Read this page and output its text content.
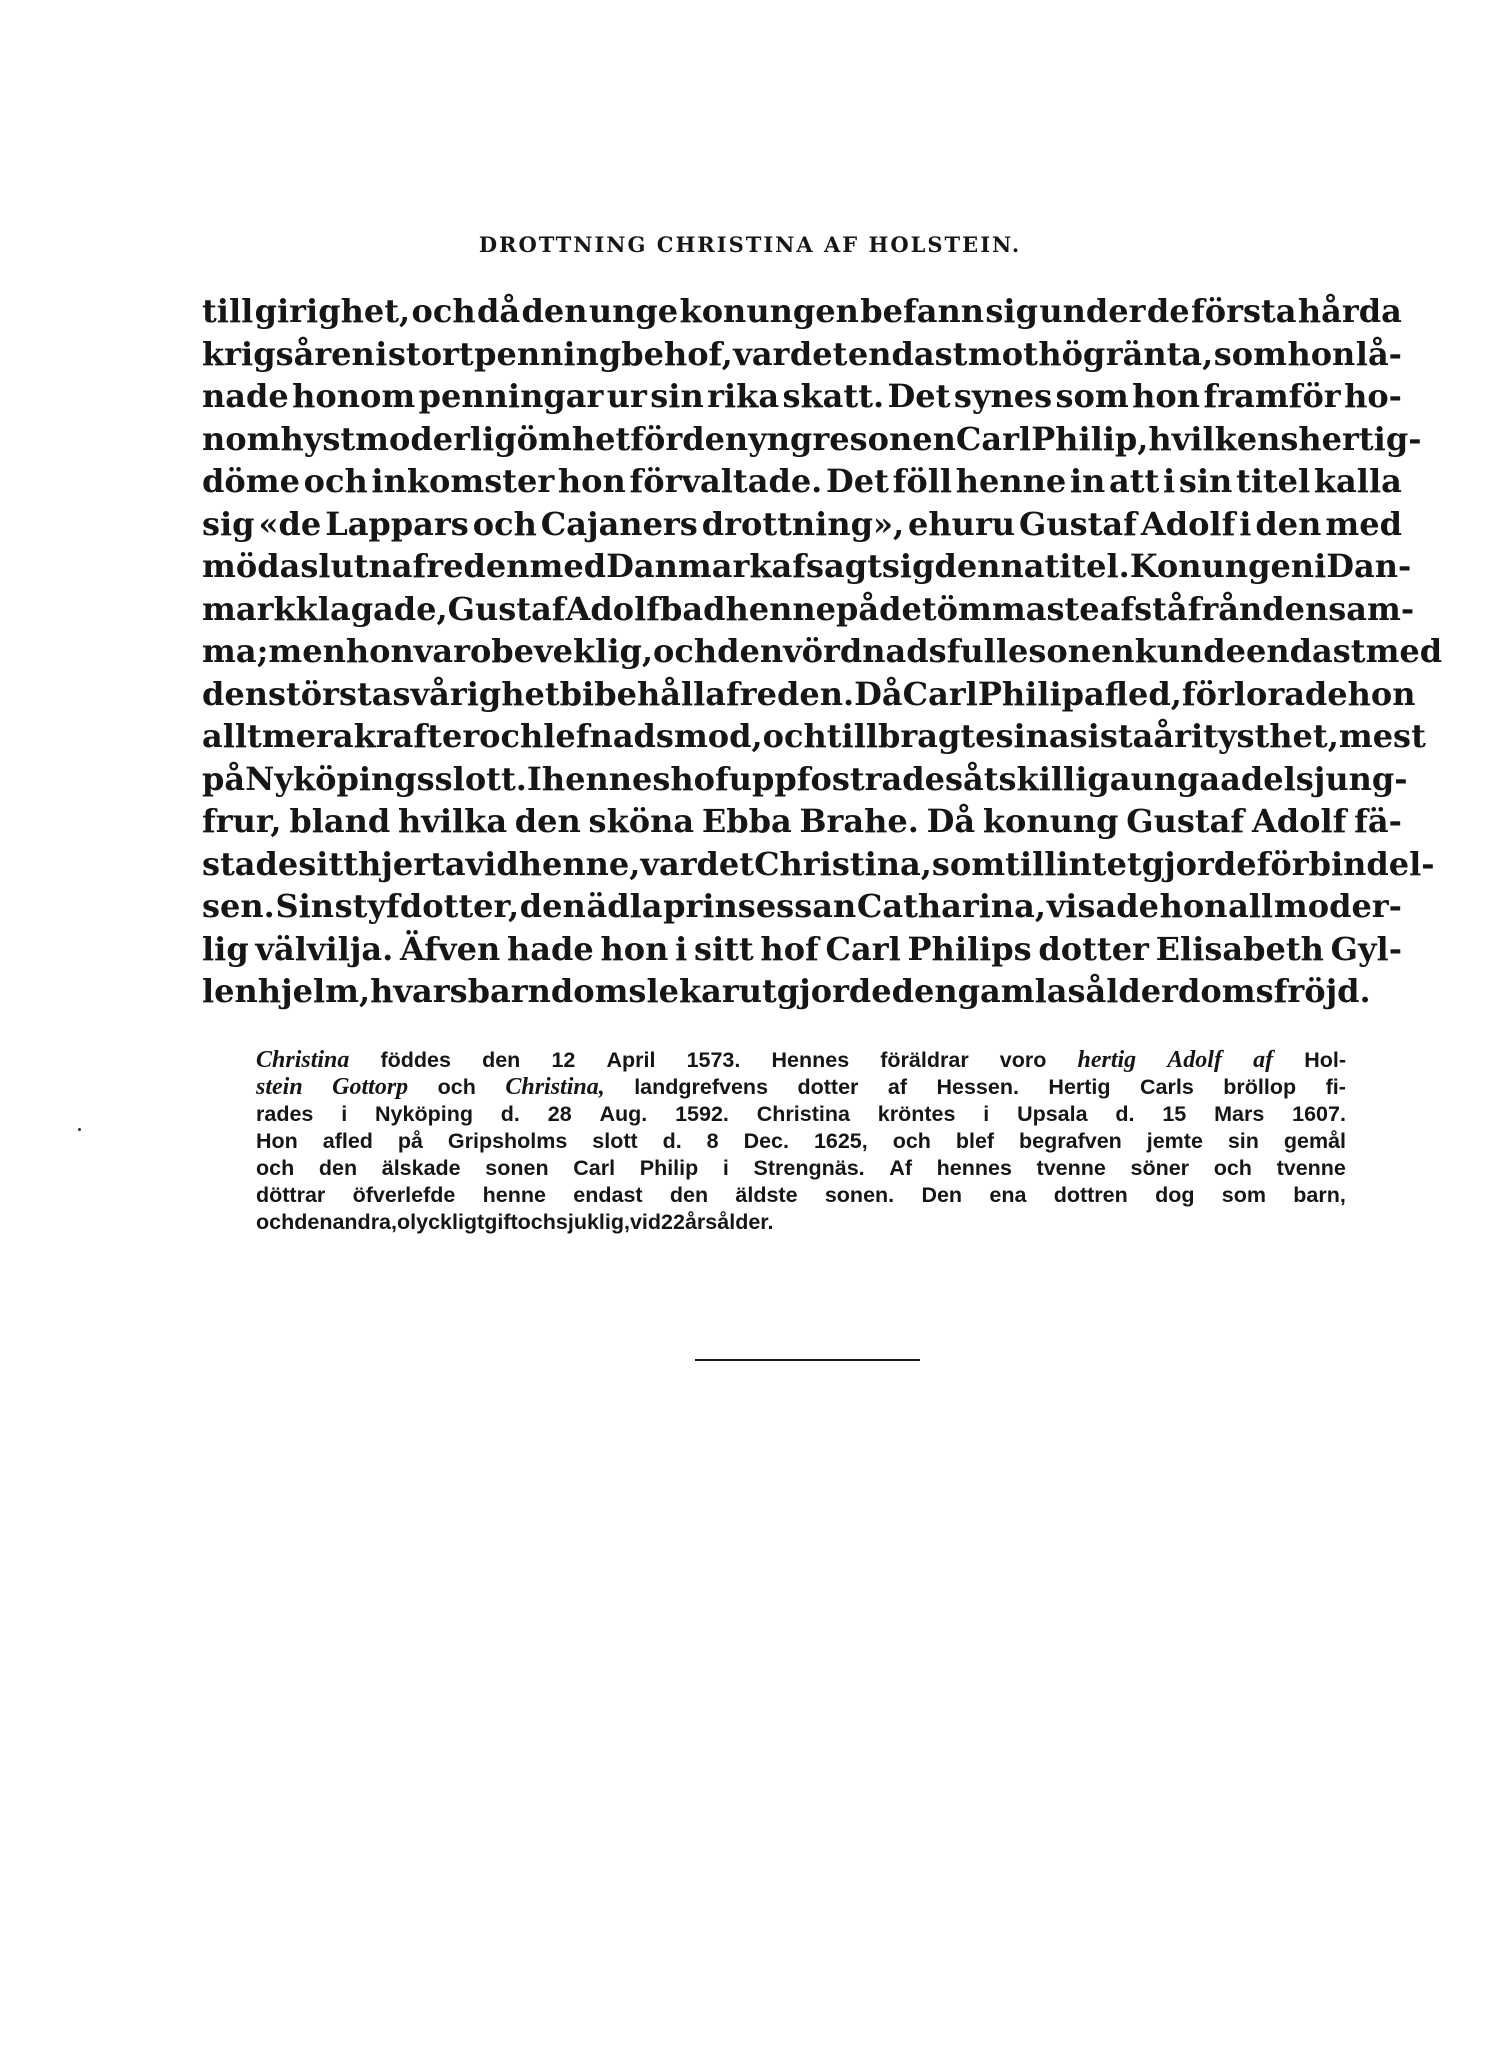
DROTTNING CHRISTINA AF HOLSTEIN.
till girighet, och då den unge konungen befann sig under de första hårda
krigsåren i stort penningbehof, var det endast mot hög ränta, som hon lå-
nade honom penningar ur sin rika skatt. Det synes som hon framför ho-
nom hyst moderlig ömhet för den yngre sonen Carl Philip, hvilkens hertig-
döme och inkomster hon förvaltade. Det föll henne in att i sin titel kalla
sig «de Lappars och Cajaners drottning», ehuru Gustaf Adolf i den med
möda slutna freden med Danmark afsagt sig denna titel. Konungen i Dan-
mark klagade, Gustaf Adolf bad henne på det ömmaste afstå från densam-
ma; men hon var obeveklig, och den vördnadsfulle sonen kunde endast med
den största svårighet bibehålla freden. Då Carl Philip afled, förlorade hon
allt mera krafter och lefnadsmod, och tillbragte sina sista år i tysthet, mest
på Nyköpings slott. I hennes hof uppfostrades åtskilliga unga adelsjung-
frur, bland hvilka den sköna Ebba Brahe. Då konung Gustaf Adolf fä-
stade sitt hjerta vid henne, var det Christina, som tillintetgjorde förbindel-
sen. Sin styfdotter, den ädla prinsessan Catharina, visade hon all moder-
lig välvilja. Äfven hade hon i sitt hof Carl Philips dotter Elisabeth Gyl-
lenhjelm, hvars barndomslekar utgjorde den gamlas ålderdomsfröjd.
Christina föddes den 12 April 1573. Hennes föräldrar voro hertig Adolf af Hol-
stein Gottorp och Christina, landgrefvens dotter af Hessen. Hertig Carls bröllop fi-
rades i Nyköping d. 28 Aug. 1592. Christina kröntes i Upsala d. 15 Mars 1607.
Hon afled på Gripsholms slott d. 8 Dec. 1625, och blef begrafven jemte sin gemål
och den älskade sonen Carl Philip i Strengnäs. Af hennes tvenne söner och tvenne
döttrar öfverlefde henne endast den äldste sonen. Den ena dottren dog som barn,
och den andra, olyckligt gift och sjuklig, vid 22 års ålder.
